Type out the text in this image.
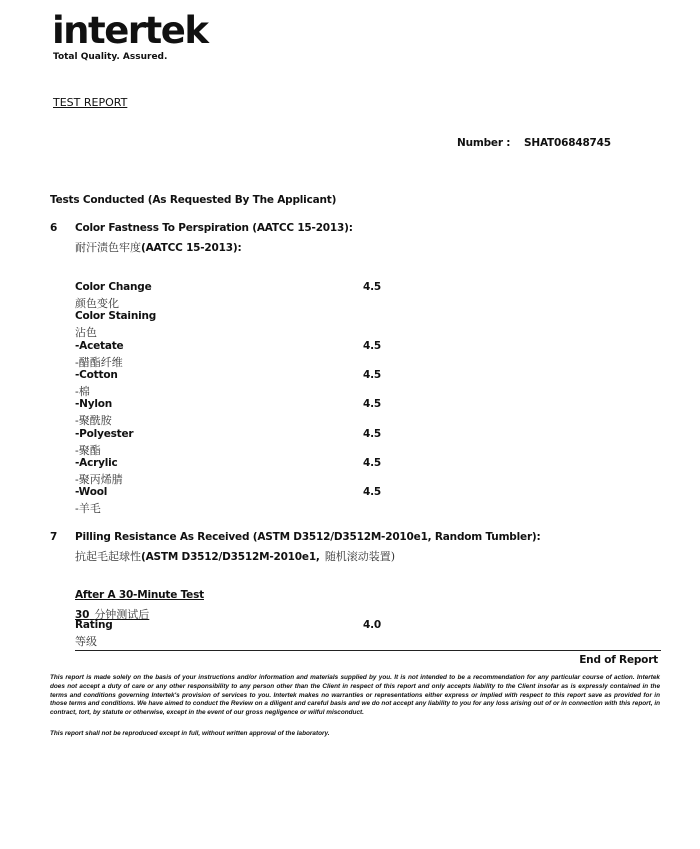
intertek
Total Quality. Assured.
TEST REPORT
Number : SHAT06848745
Tests Conducted (As Requested By The Applicant)
6 Color Fastness To Perspiration (AATCC 15-2013):
耐汗渍色牢度(AATCC 15-2013):
Color Change
颜色变化
4.5
Color Staining
沾色
-Acetate
-醋酯纤维
4.5
-Cotton
-棉
4.5
-Nylon
-聚酰胺
4.5
-Polyester
-聚酯
4.5
-Acrylic
-聚丙烯腈
4.5
-Wool
-羊毛
4.5
7 Pilling Resistance As Received (ASTM D3512/D3512M-2010e1, Random Tumbler):
抗起毛起球性(ASTM D3512/D3512M-2010e1, 随机滚动装置)
After A 30-Minute Test
30 分钟测试后
Rating
等级
4.0
End of Report
This report is made solely on the basis of your instructions and/or information and materials supplied by you. It is not intended to be a recommendation for any particular course of action. Intertek does not accept a duty of care or any other responsibility to any person other than the Client in respect of this report and only accepts liability to the Client insofar as is expressly contained in the terms and conditions governing Intertek's provision of services to you. Intertek makes no warranties or representations either express or implied with respect to this report save as provided for in those terms and conditions. We have aimed to conduct the Review on a diligent and careful basis and we do not accept any liability to you for any loss arising out of or in connection with this report, in contract, tort, by statute or otherwise, except in the event of our gross negligence or wilful misconduct.
This report shall not be reproduced except in full, without written approval of the laboratory.
